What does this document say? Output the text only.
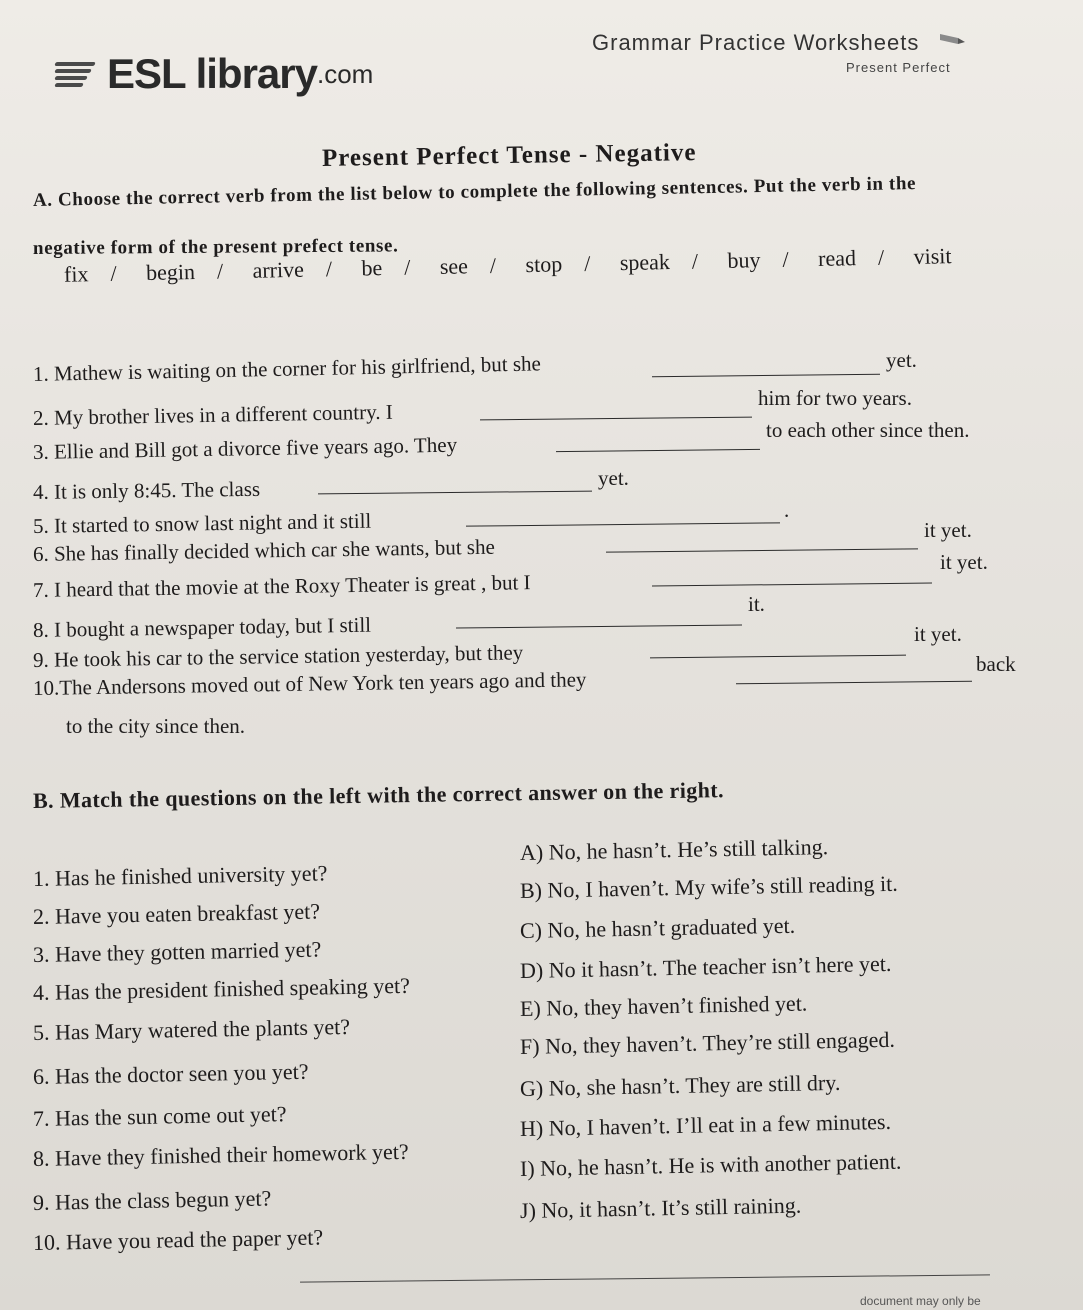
ESL library .com
Grammar Practice Worksheets
Present Perfect
Present Perfect Tense - Negative
A. Choose the correct verb from the list below to complete the following sentences. Put the verb in the
negative form of the present prefect tense.
fix / begin / arrive / be / see / stop / speak / buy / read / visit
1. Mathew is waiting on the corner for his girlfriend, but she	yet.
2. My brother lives in a different country. I
him for two years.
3. Ellie and Bill got a divorce five years ago. They
to each other since then.
4. It is only 8:45. The class	yet.
5. It started to snow last night and it still	.
6. She has finally decided which car she wants, but she
it yet.
7. I heard that the movie at the Roxy Theater is great , but I
it yet.
8. I bought a newspaper today, but I still
it.
9. He took his car to the service station yesterday, but they
it yet.
10.The Andersons moved out of New York ten years ago and they
back
to the city since then.
B. Match the questions on the left with the correct answer on the right.
1. Has he finished university yet?
2. Have you eaten breakfast yet?
3. Have they gotten married yet?
4. Has the president finished speaking yet?
5. Has Mary watered the plants yet?
6. Has the doctor seen you yet?
7. Has the sun come out yet?
8. Have they finished their homework yet?
9. Has the class begun yet?
10. Have you read the paper yet?
A) No, he hasn’t. He’s still talking.
B) No, I haven’t. My wife’s still reading it.
C) No, he hasn’t graduated yet.
D) No it hasn’t. The teacher isn’t here yet.
E) No, they haven’t finished yet.
F) No, they haven’t. They’re still engaged.
G) No, she hasn’t. They are still dry.
H) No, I haven’t. I’ll eat in a few minutes.
I) No, he hasn’t. He is with another patient.
J) No, it hasn’t. It’s still raining.
document may only be
